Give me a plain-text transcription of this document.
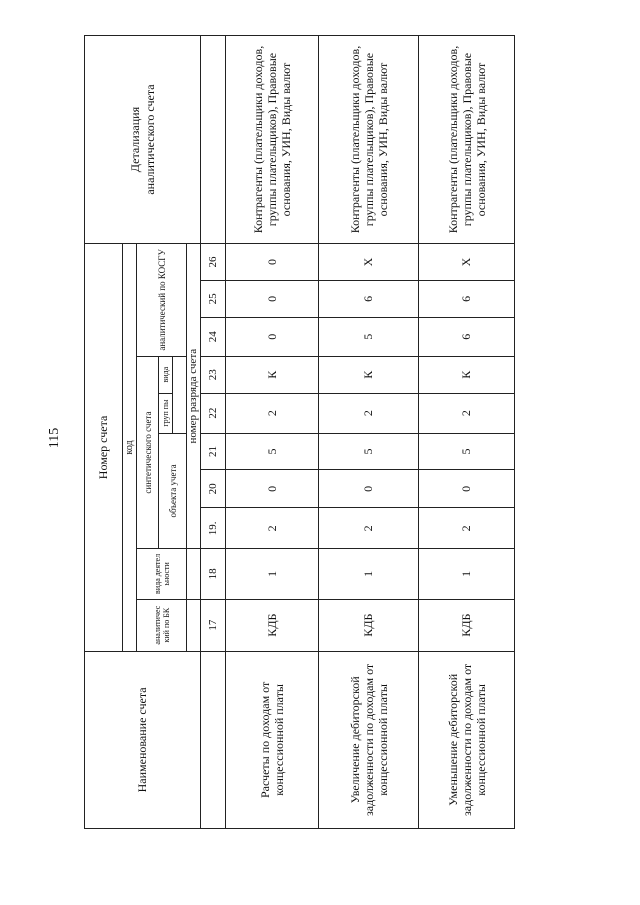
115
Наименование счета	Номер счета										Детализация аналитического счета
	код										
	аналитичес кий по БК	вида деятел ьности	синтетического счета					аналитический по КОСГУ			
			объекта учета			груп пы	вида				

			номер разряда счета								
	17	18	19.	20	21	22	23	24	25	26	
Расчеты по доходам от концессионной платы	КДБ	1	2	0	5	2	К	0	0	0	Контрагенты (плательщики доходов, группы плательщиков), Правовые основания, УИН, Виды валют
Увеличение дебиторской задолженности по доходам от концессионной платы	КДБ	1	2	0	5	2	К	5	6	Х	Контрагенты (плательщики доходов, группы плательщиков), Правовые основания, УИН, Виды валют
Уменьшение дебиторской задолженности по доходам от концессионной платы	КДБ	1	2	0	5	2	К	6	6	Х	Контрагенты (плательщики доходов, группы плательщиков), Правовые основания, УИН, Виды валют
